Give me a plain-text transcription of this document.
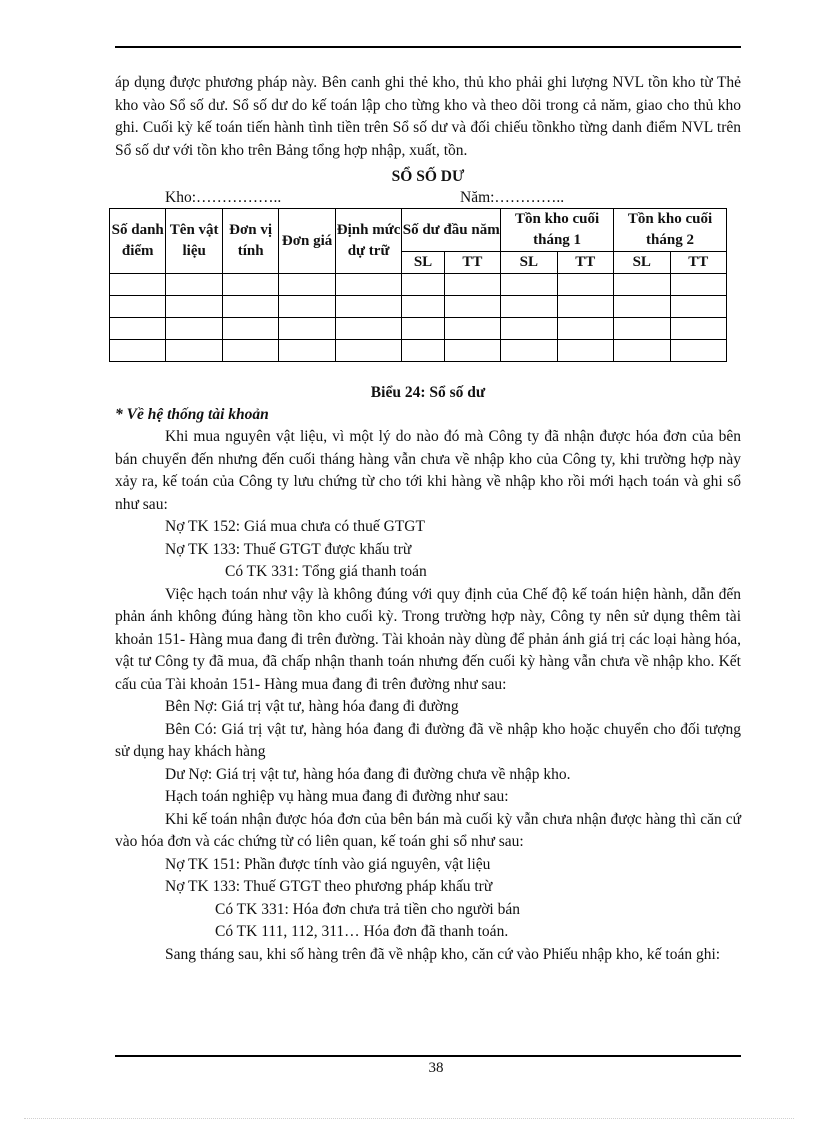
áp dụng được phương pháp này. Bên canh ghi thẻ kho, thủ kho phải ghi lượng NVL tồn kho từ Thẻ kho vào Sổ số dư. Sổ số dư do kế toán lập cho từng kho và theo dõi trong cả năm, giao cho thủ kho ghi. Cuối kỳ kế toán tiến hành tình tiền trên Sổ số dư và đối chiếu tồnkho từng danh điểm NVL trên Sổ số dư với tồn kho trên Bảng tổng hợp nhập, xuất, tồn.

SỔ SỐ DƯ
Kho:……………..	Năm:…………..
Số danh điểm	Tên vật liệu	Đơn vị tính	Đơn giá	Định mức dự trữ	Số dư đầu năm		Tồn kho cuối tháng 1		Tồn kho cuối tháng 2	
					SL	TT	SL	TT	SL	TT

Biểu 24: Sổ số dư
* Về hệ thống tài khoản

Khi mua nguyên vật liệu, vì một lý do nào đó mà Công ty đã nhận được hóa đơn của bên bán chuyển đến nhưng đến cuối tháng hàng vẫn chưa về nhập kho của Công ty, khi trường hợp này xảy ra, kế toán của Công ty lưu chứng từ cho tới khi hàng về nhập kho rồi mới hạch toán và ghi sổ như sau:

Nợ TK 152: Giá mua chưa có thuế GTGT

Nợ TK 133: Thuế GTGT được khấu trừ

Có TK 331: Tổng giá thanh toán

Việc hạch toán như vậy là không đúng với quy định của Chế độ kế toán hiện hành, dẫn đến phản ánh không đúng hàng tồn kho cuối kỳ. Trong trường hợp này, Công ty nên sử dụng thêm tài khoản 151- Hàng mua đang đi trên đường. Tài khoản này dùng để phản ánh giá trị các loại hàng hóa, vật tư Công ty đã mua, đã chấp nhận thanh toán nhưng đến cuối kỳ hàng vẫn chưa về nhập kho. Kết cấu của Tài khoản 151- Hàng mua đang đi trên đường như sau:

Bên Nợ: Giá trị vật tư, hàng hóa đang đi đường

Bên Có: Giá trị vật tư, hàng hóa đang đi đường đã về nhập kho hoặc chuyển cho đối tượng sử dụng hay khách hàng

Dư Nợ: Giá trị vật tư, hàng hóa đang đi đường chưa về nhập kho.

Hạch toán nghiệp vụ hàng mua đang đi đường như sau:

Khi kế toán nhận được hóa đơn của bên bán mà cuối kỳ vẫn chưa nhận được hàng thì căn cứ vào hóa đơn và các chứng từ có liên quan, kế toán ghi sổ như sau:

Nợ TK 151: Phần được tính vào giá nguyên, vật liệu

Nợ TK 133: Thuế GTGT theo phương pháp khấu trừ

Có TK 331: Hóa đơn chưa trả tiền cho người bán

Có TK 111, 112, 311… Hóa đơn đã thanh toán.

Sang tháng sau, khi số hàng trên đã về nhập kho, căn cứ vào Phiếu nhập kho, kế toán ghi:

38
